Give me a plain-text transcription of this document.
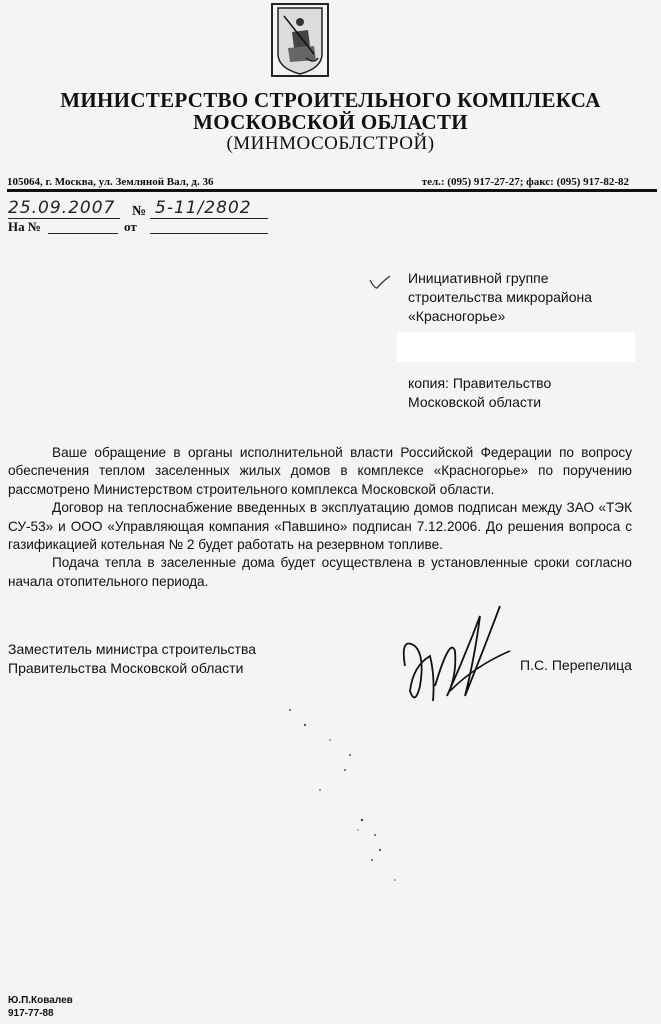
МИНИСТЕРСТВО СТРОИТЕЛЬНОГО КОМПЛЕКСА
МОСКОВСКОЙ ОБЛАСТИ
(МИНМОСОБЛСТРОЙ)
105064, г. Москва, ул. Земляной Вал, д. 36	тел.: (095) 917-27-27; факс: (095) 917-82-82
25.09.2007 № 5-11/2802
На №	от
Инициативной группе
строительства микрорайона
«Красногорье»
копия: Правительство
Московской области

Ваше обращение в органы исполнительной власти Российской Федерации по вопросу обеспечения теплом заселенных жилых домов в комплексе «Красногорье» по поручению рассмотрено Министерством строительного комплекса Московской области.

Договор на теплоснабжение введенных в эксплуатацию домов подписан между ЗАО «ТЭК СУ-53» и ООО «Управляющая компания «Павшино» подписан 7.12.2006. До решения вопроса с газификацией котельная № 2 будет работать на резервном топливе.

Подача тепла в заселенные дома будет осуществлена в установленные сроки согласно начала отопительного периода.

Заместитель министра строительства
Правительства Московской области	П.С. Перепелица
Ю.П.Ковалев
917-77-88
